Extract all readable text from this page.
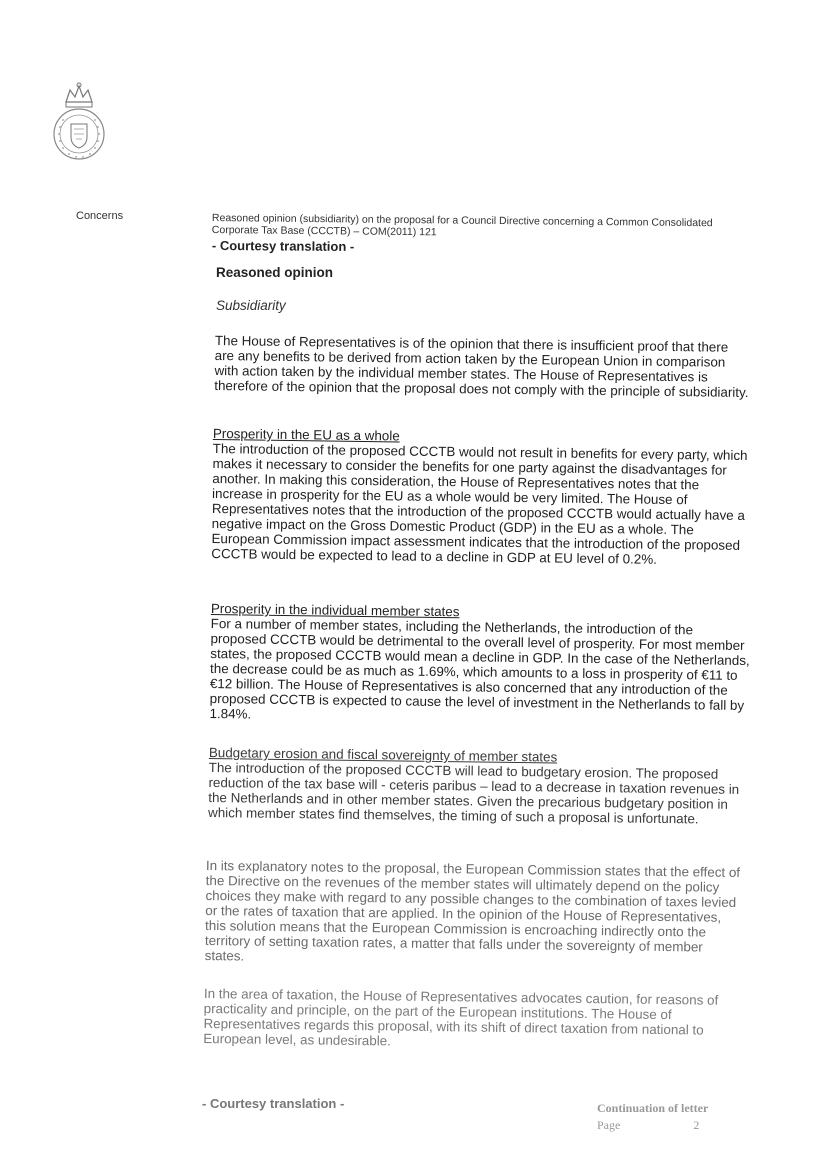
Concerns	Reasoned opinion (subsidiarity) on the proposal for a Council Directive concerning a Common Consolidated Corporate Tax Base (CCCTB) – COM(2011) 121
- Courtesy translation -
Reasoned opinion
Subsidiarity
The House of Representatives is of the opinion that there is insufficient proof that there are any benefits to be derived from action taken by the European Union in comparison with action taken by the individual member states. The House of Representatives is therefore of the opinion that the proposal does not comply with the principle of subsidiarity.
Prosperity in the EU as a whole
The introduction of the proposed CCCTB would not result in benefits for every party, which makes it necessary to consider the benefits for one party against the disadvantages for another. In making this consideration, the House of Representatives notes that the increase in prosperity for the EU as a whole would be very limited. The House of Representatives notes that the introduction of the proposed CCCTB would actually have a negative impact on the Gross Domestic Product (GDP) in the EU as a whole. The European Commission impact assessment indicates that the introduction of the proposed CCCTB would be expected to lead to a decline in GDP at EU level of 0.2%.
Prosperity in the individual member states
For a number of member states, including the Netherlands, the introduction of the proposed CCCTB would be detrimental to the overall level of prosperity. For most member states, the proposed CCCTB would mean a decline in GDP. In the case of the Netherlands, the decrease could be as much as 1.69%, which amounts to a loss in prosperity of €11 to €12 billion. The House of Representatives is also concerned that any introduction of the proposed CCCTB is expected to cause the level of investment in the Netherlands to fall by 1.84%.
Budgetary erosion and fiscal sovereignty of member states
The introduction of the proposed CCCTB will lead to budgetary erosion. The proposed reduction of the tax base will - ceteris paribus – lead to a decrease in taxation revenues in the Netherlands and in other member states. Given the precarious budgetary position in which member states find themselves, the timing of such a proposal is unfortunate.
In its explanatory notes to the proposal, the European Commission states that the effect of the Directive on the revenues of the member states will ultimately depend on the policy choices they make with regard to any possible changes to the combination of taxes levied or the rates of taxation that are applied. In the opinion of the House of Representatives, this solution means that the European Commission is encroaching indirectly onto the territory of setting taxation rates, a matter that falls under the sovereignty of member states.
In the area of taxation, the House of Representatives advocates caution, for reasons of practicality and principle, on the part of the European institutions. The House of Representatives regards this proposal, with its shift of direct taxation from national to European level, as undesirable.
- Courtesy translation -	Continuation of letter
Page	2
